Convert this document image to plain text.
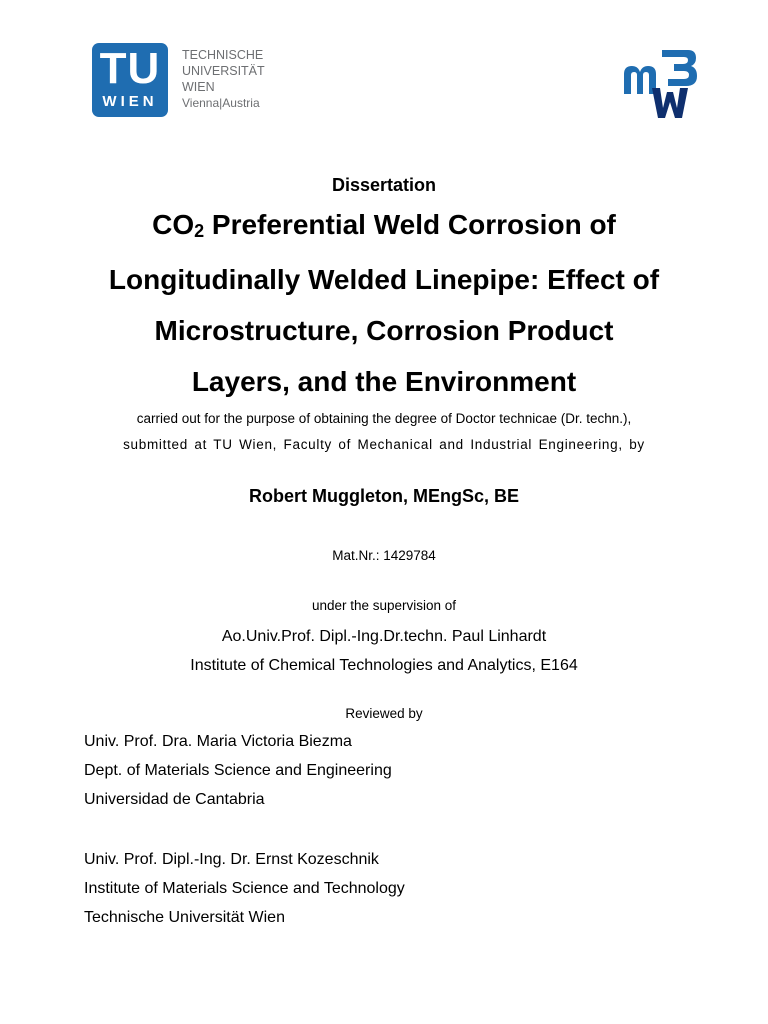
TU
WIEN
TECHNISCHE
UNIVERSITÄT
WIEN
Vienna|Austria
Dissertation
$CO_2$ Preferential Weld Corrosion of
Longitudinally Welded Linepipe: Effect of
Microstructure, Corrosion Product
Layers, and the Environment
carried out for the purpose of obtaining the degree of Doctor technicae (Dr. techn.),
submitted at TU Wien, Faculty of Mechanical and Industrial Engineering, by
Robert Muggleton, MEngSc, BE
Mat.Nr.: 1429784
under the supervision of
Ao.Univ.Prof. Dipl.-Ing.Dr.techn. Paul Linhardt
Institute of Chemical Technologies and Analytics, E164
Reviewed by
Univ. Prof. Dra. Maria Victoria Biezma
Dept. of Materials Science and Engineering
Universidad de Cantabria
Univ. Prof. Dipl.-Ing. Dr. Ernst Kozeschnik
Institute of Materials Science and Technology
Technische Universität Wien
